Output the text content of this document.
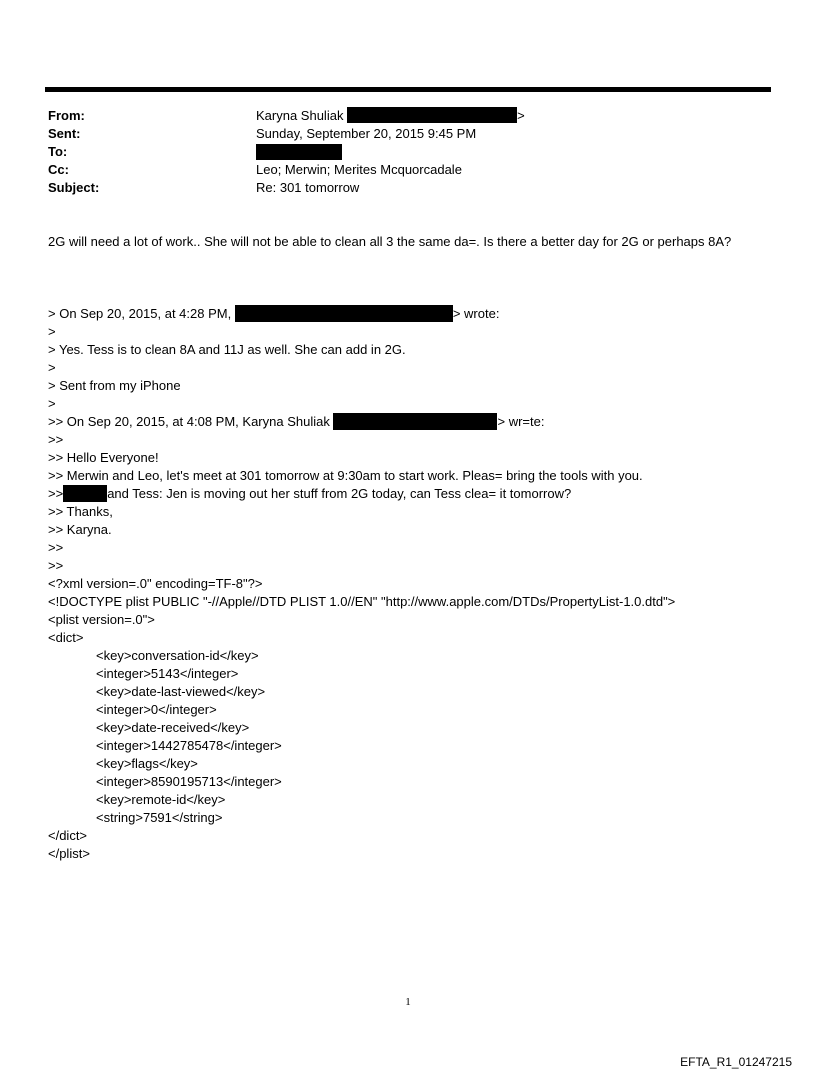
From:	Karyna Shuliak	>
Sent:	Sunday, September 20, 2015 9:45 PM
To:
Cc:	Leo; Merwin; Merites Mcquorcadale
Subject:	Re: 301 tomorrow
2G will need a lot of work.. She will not be able to clean all 3 the same da=. Is there a better day for 2G or perhaps 8A?
> On Sep 20, 2015, at 4:28 PM,	> wrote:
>
> Yes. Tess is to clean 8A and 11J as well. She can add in 2G.
>
> Sent from my iPhone
>
>> On Sep 20, 2015, at 4:08 PM, Karyna Shuliak	> wr=te:
>>
>> Hello Everyone!
>> Merwin and Leo, let's meet at 301 tomorrow at 9:30am to start work. Pleas= bring the tools with you.
>>	and Tess: Jen is moving out her stuff from 2G today, can Tess clea= it tomorrow?
>> Thanks,
>> Karyna.
>>
>>
<?xml version=.0" encoding=TF-8"?>
<!DOCTYPE plist PUBLIC "-//Apple//DTD PLIST 1.0//EN" "http://www.apple.com/DTDs/PropertyList-1.0.dtd">
<plist version=.0">
<dict>
<key>conversation-id</key>
<integer>5143</integer>
<key>date-last-viewed</key>
<integer>0</integer>
<key>date-received</key>
<integer>1442785478</integer>
<key>flags</key>
<integer>8590195713</integer>
<key>remote-id</key>
<string>7591</string>
</dict>
</plist>
1
EFTA_R1_01247215
